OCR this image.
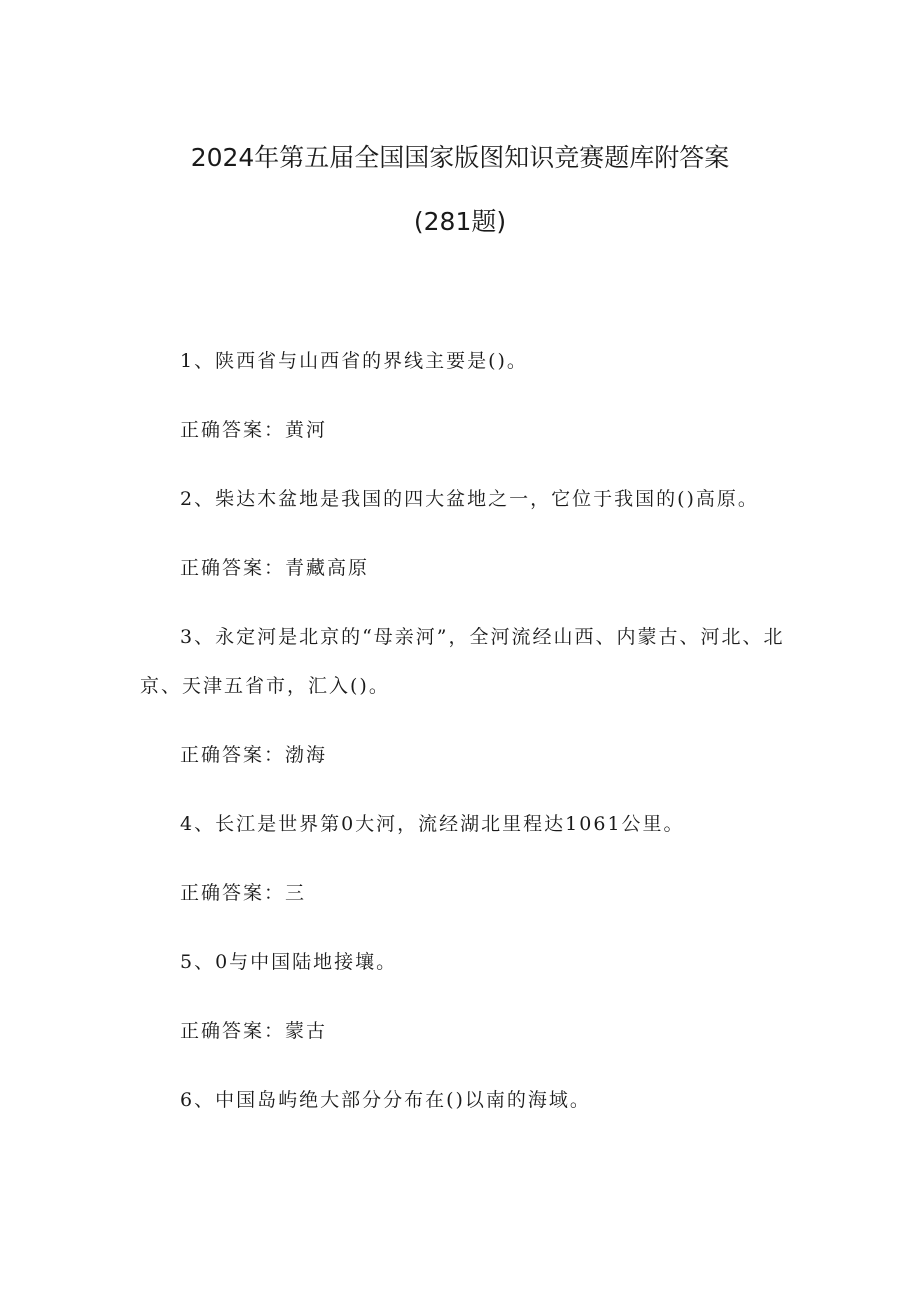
2024年第五届全国国家版图知识竞赛题库附答案
(281题)

1、陕西省与山西省的界线主要是()。

正确答案：黄河

2、柴达木盆地是我国的四大盆地之一，它位于我国的()高原。

正确答案：青藏高原

3、永定河是北京的“母亲河”，全河流经山西、内蒙古、河北、北

京、天津五省市，汇入()。

正确答案：渤海

4、长江是世界第0大河，流经湖北里程达1061公里。

正确答案：三

5、0与中国陆地接壤。

正确答案：蒙古

6、中国岛屿绝大部分分布在()以南的海域。
